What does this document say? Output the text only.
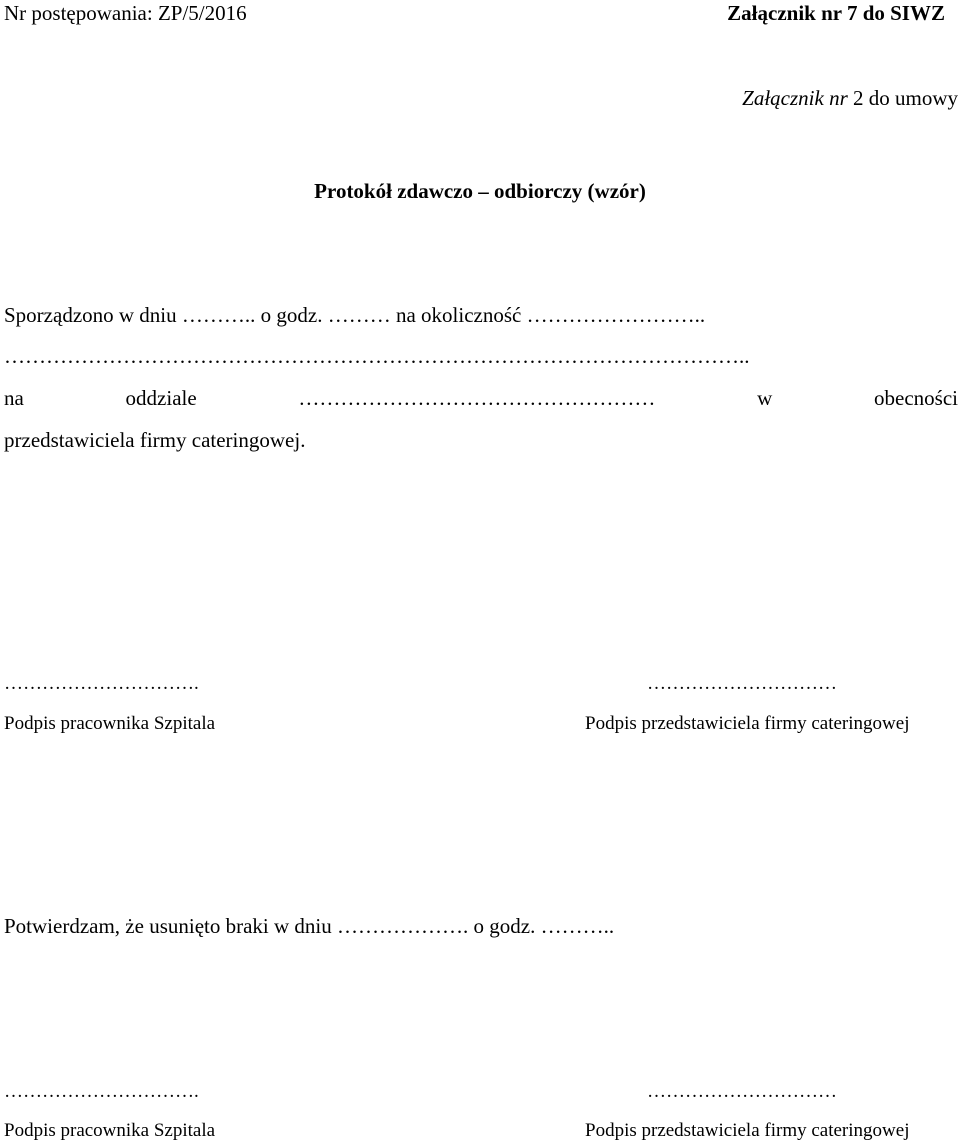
Nr postępowania: ZP/5/2016	Załącznik nr 7 do SIWZ
Załącznik nr 2 do umowy
Protokół zdawczo – odbiorczy (wzór)
Sporządzono w dniu ……….. o godz. ……… na okoliczność ……………………..
……………………………………………………………………………………………..
na	oddziale	……………………………………………	w	obecności
przedstawiciela firmy cateringowej.
………………………….
Podpis pracownika Szpitala
…………………………
Podpis przedstawiciela firmy cateringowej
Potwierdzam, że usunięto braki w dniu ………………. o godz. ………..
………………………….
Podpis pracownika Szpitala
…………………………
Podpis przedstawiciela firmy cateringowej
